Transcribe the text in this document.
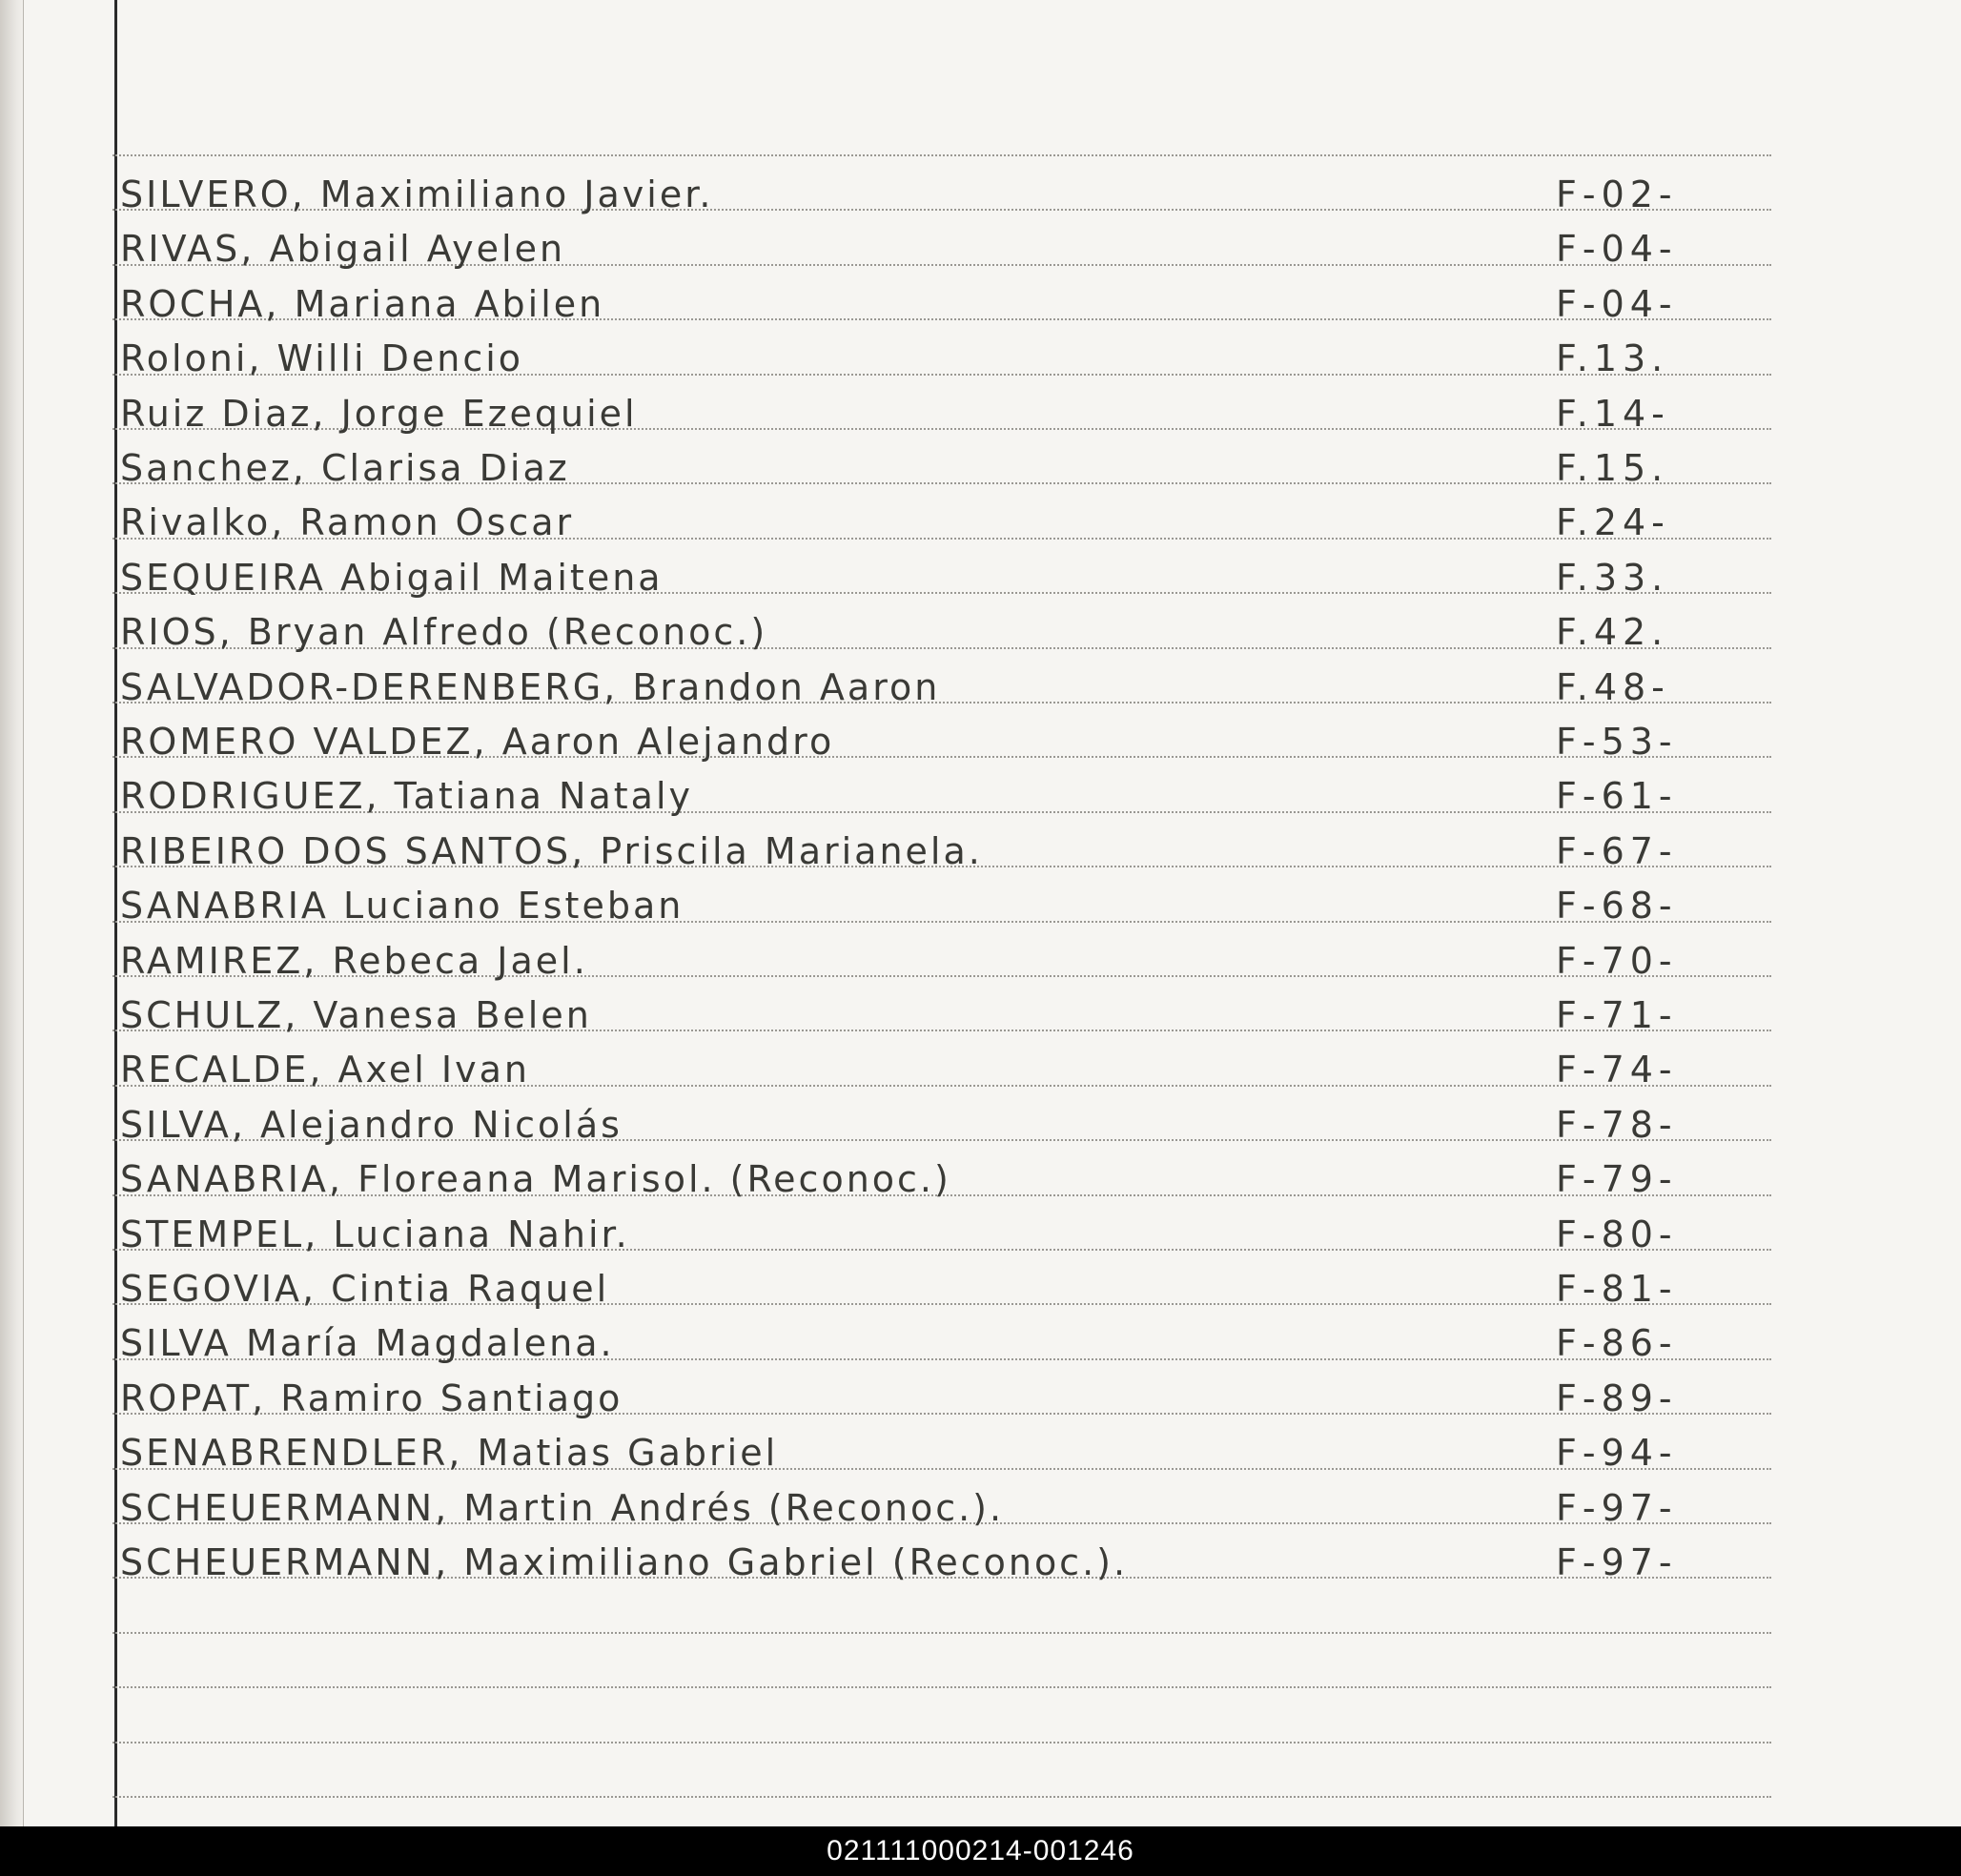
SILVERO, Maximiliano Javier.	F-02-
RIVAS, Abigail Ayelen	F-04-
ROCHA, Mariana Abilen	F-04-
Roloni, Willi Dencio	F.13.
Ruiz Diaz, Jorge Ezequiel	F.14-
Sanchez, Clarisa Diaz	F.15.
Rivalko, Ramon Oscar	F.24-
SEQUEIRA Abigail Maitena	F.33.
RIOS, Bryan Alfredo (Reconoc.)	F.42.
SALVADOR-DERENBERG, Brandon Aaron	F.48-
ROMERO VALDEZ, Aaron Alejandro	F-53-
RODRIGUEZ, Tatiana Nataly	F-61-
RIBEIRO DOS SANTOS, Priscila Marianela.	F-67-
SANABRIA Luciano Esteban	F-68-
RAMIREZ, Rebeca Jael.	F-70-
SCHULZ, Vanesa Belen	F-71-
RECALDE, Axel Ivan	F-74-
SILVA, Alejandro Nicolás	F-78-
SANABRIA, Floreana Marisol. (Reconoc.)	F-79-
STEMPEL, Luciana Nahir.	F-80-
SEGOVIA, Cintia Raquel	F-81-
SILVA María Magdalena.	F-86-
ROPAT, Ramiro Santiago	F-89-
SENABRENDLER, Matias Gabriel	F-94-
SCHEUERMANN, Martin Andrés (Reconoc.).	F-97-
SCHEUERMANN, Maximiliano Gabriel (Reconoc.).	F-97-
021111000214-001246
